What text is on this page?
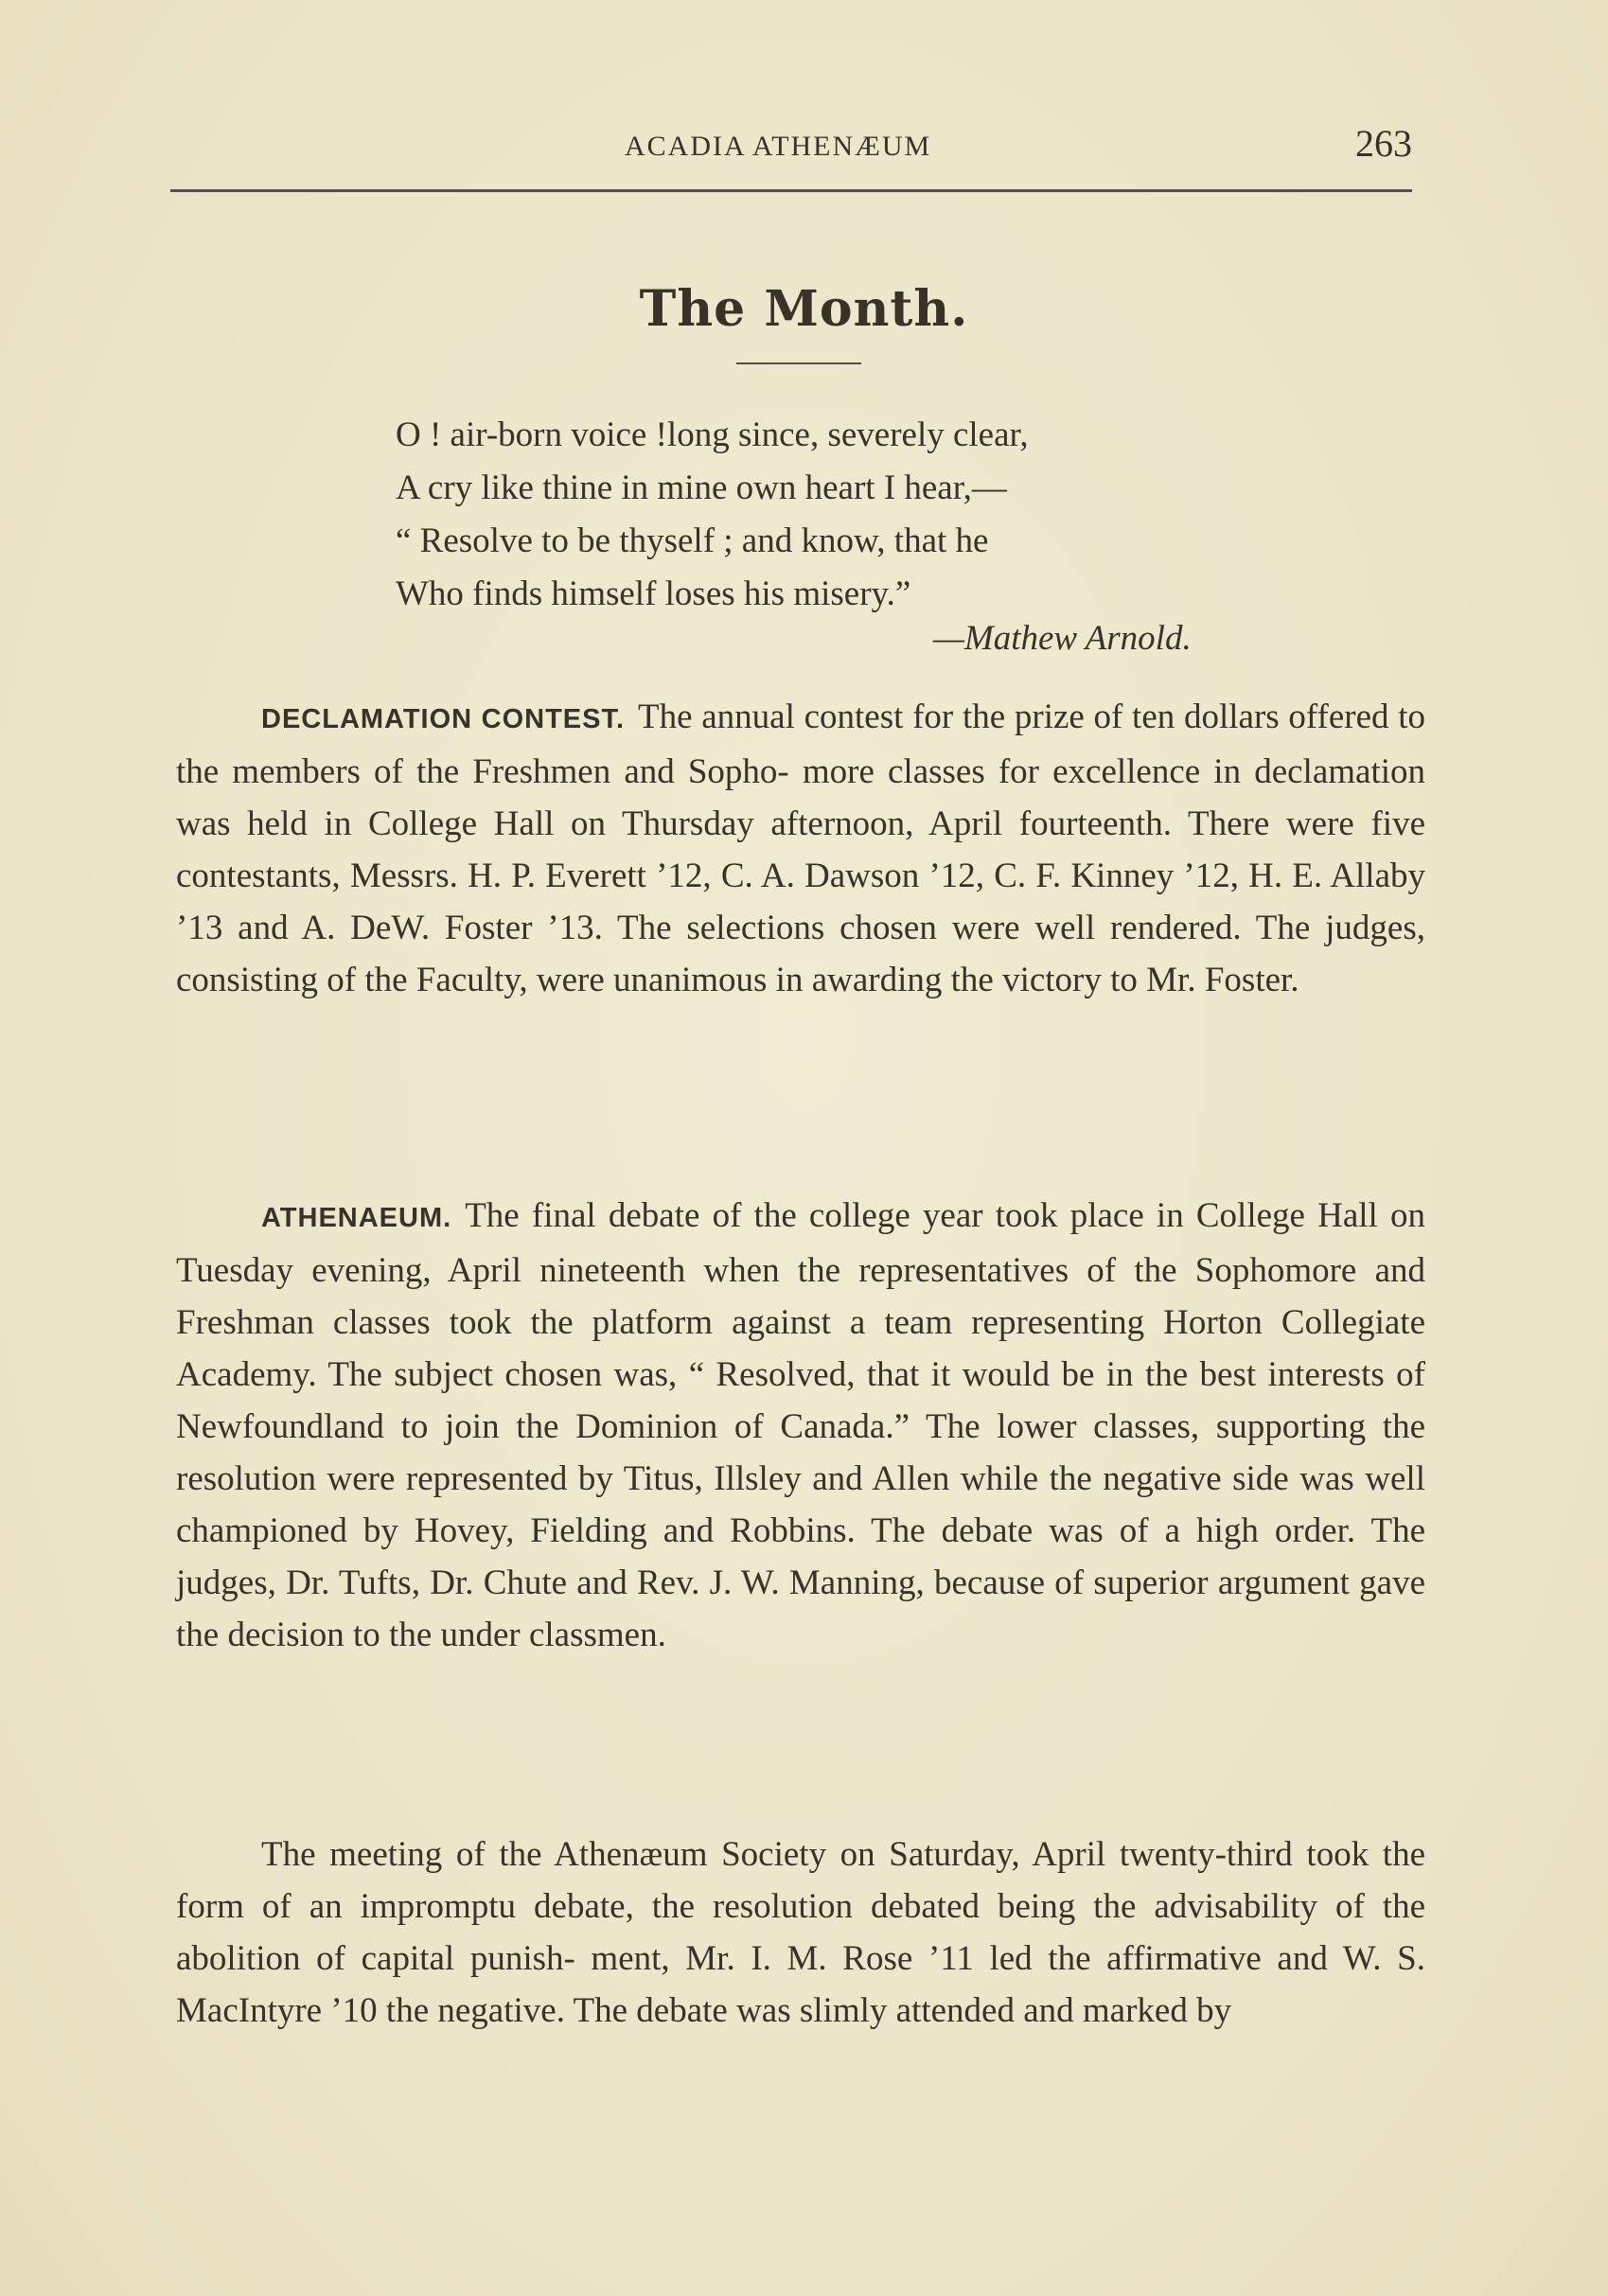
ACADIA ATHENÆUM	263
The Month.
O ! air-born voice !long since, severely clear,
A cry like thine in mine own heart I hear,—
“ Resolve to be thyself ; and know, that he
Who finds himself loses his misery.”
—Mathew Arnold.

DECLAMATION CONTEST. The annual contest for the prize of ten dollars offered to the members of the Freshmen and Sopho- more classes for excellence in declamation was held in College Hall on Thursday afternoon, April fourteenth. There were five contestants, Messrs. H. P. Everett ’12, C. A. Dawson ’12, C. F. Kinney ’12, H. E. Allaby ’13 and A. DeW. Foster ’13. The selections chosen were well rendered. The judges, consisting of the Faculty, were unanimous in awarding the victory to Mr. Foster.

ATHENAEUM. The final debate of the college year took place in College Hall on Tuesday evening, April nineteenth when the representatives of the Sophomore and Freshman classes took the platform against a team representing Horton Collegiate Academy. The subject chosen was, “ Resolved, that it would be in the best interests of Newfoundland to join the Dominion of Canada.” The lower classes, supporting the resolution were represented by Titus, Illsley and Allen while the negative side was well championed by Hovey, Fielding and Robbins. The debate was of a high order. The judges, Dr. Tufts, Dr. Chute and Rev. J. W. Manning, because of superior argument gave the decision to the under classmen.

The meeting of the Athenæum Society on Saturday, April twenty-third took the form of an impromptu debate, the resolution debated being the advisability of the abolition of capital punish- ment, Mr. I. M. Rose ’11 led the affirmative and W. S. MacIntyre ’10 the negative. The debate was slimly attended and marked by
